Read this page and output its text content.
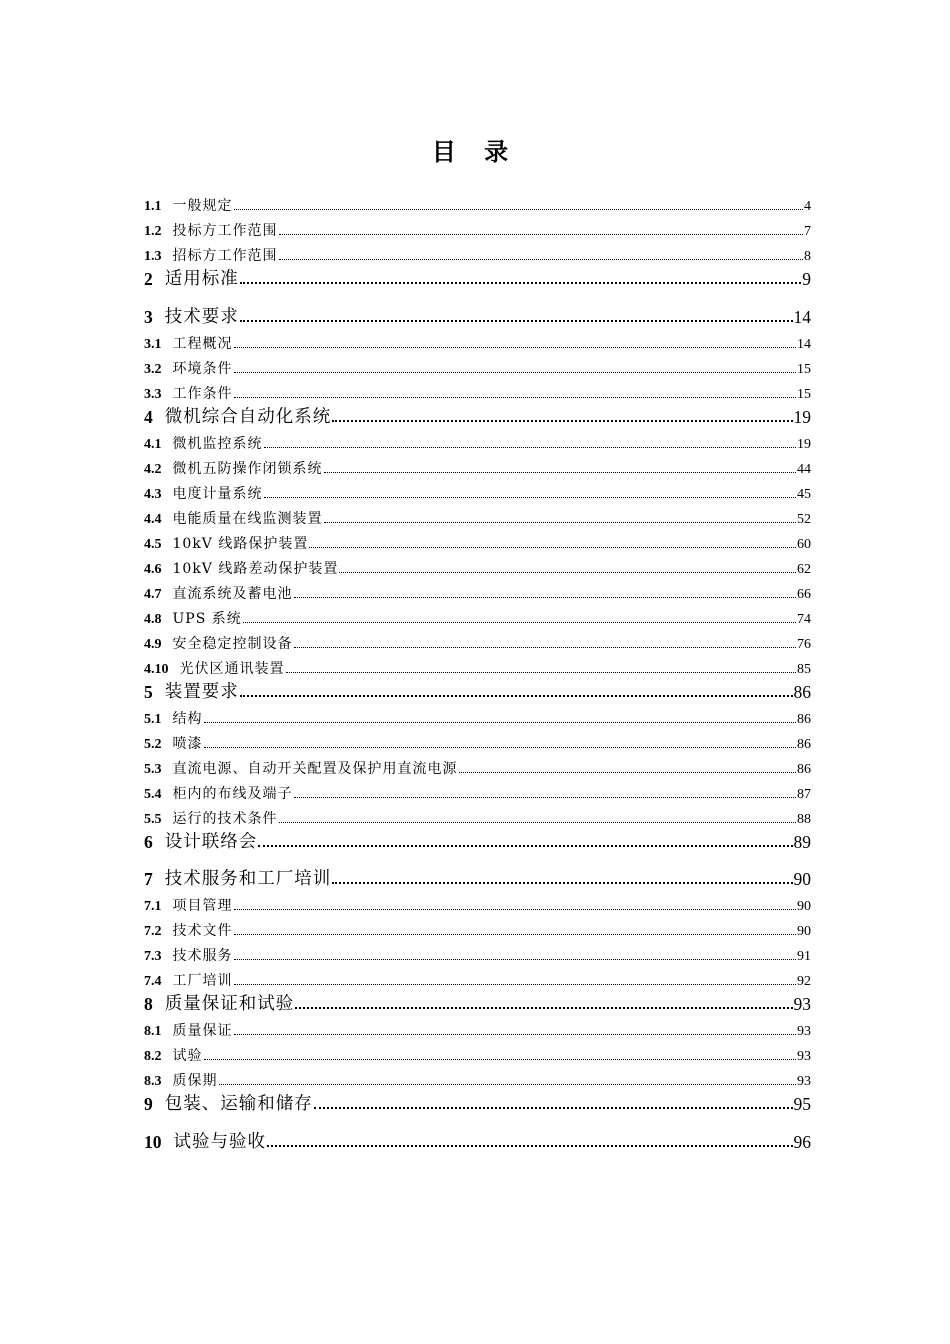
目 录
1.1 一般规定	4
1.2 投标方工作范围	7
1.3 招标方工作范围	8
2 适用标准	9
3 技术要求	14
3.1 工程概况	14
3.2 环境条件	15
3.3 工作条件	15
4 微机综合自动化系统	19
4.1 微机监控系统	19
4.2 微机五防操作闭锁系统	44
4.3 电度计量系统	45
4.4 电能质量在线监测装置	52
4.5 10kV 线路保护装置	60
4.6 10kV 线路差动保护装置	62
4.7 直流系统及蓄电池	66
4.8 UPS 系统	74
4.9 安全稳定控制设备	76
4.10 光伏区通讯装置	85
5 装置要求	86
5.1 结构	86
5.2 喷漆	86
5.3 直流电源、自动开关配置及保护用直流电源	86
5.4 柜内的布线及端子	87
5.5 运行的技术条件	88
6 设计联络会	89
7 技术服务和工厂培训	90
7.1 项目管理	90
7.2 技术文件	90
7.3 技术服务	91
7.4 工厂培训	92
8 质量保证和试验	93
8.1 质量保证	93
8.2 试验	93
8.3 质保期	93
9 包装、运输和储存	95
10 试验与验收	96
